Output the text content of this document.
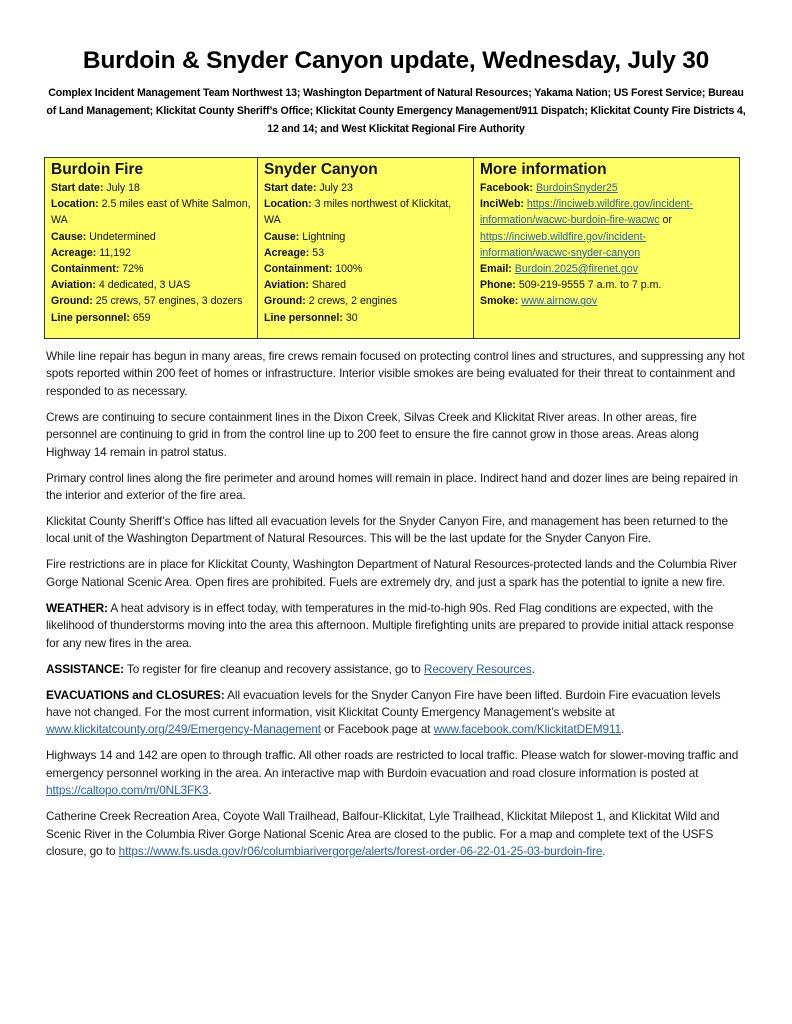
Burdoin & Snyder Canyon update, Wednesday, July 30
Complex Incident Management Team Northwest 13; Washington Department of Natural Resources; Yakama Nation; US Forest Service; Bureau of Land Management; Klickitat County Sheriff’s Office; Klickitat County Emergency Management/911 Dispatch; Klickitat County Fire Districts 4, 12 and 14; and West Klickitat Regional Fire Authority
Burdoin Fire
Start date: July 18
Location: 2.5 miles east of White Salmon, WA
Cause: Undetermined
Acreage: 11,192
Containment: 72%
Aviation: 4 dedicated, 3 UAS
Ground: 25 crews, 57 engines, 3 dozers
Line personnel: 659
Snyder Canyon
Start date: July 23
Location: 3 miles northwest of Klickitat, WA
Cause: Lightning
Acreage: 53
Containment: 100%
Aviation: Shared
Ground: 2 crews, 2 engines
Line personnel: 30
More information
Facebook: BurdoinSnyder25
InciWeb: https://inciweb.wildfire.gov/incident-information/wacwc-burdoin-fire-wacwc or https://inciweb.wildfire.gov/incident-information/wacwc-snyder-canyon
Email: Burdoin.2025@firenet.gov
Phone: 509-219-9555 7 a.m. to 7 p.m.
Smoke: www.airnow.gov

While line repair has begun in many areas, fire crews remain focused on protecting control lines and structures, and suppressing any hot spots reported within 200 feet of homes or infrastructure. Interior visible smokes are being evaluated for their threat to containment and responded to as necessary.

Crews are continuing to secure containment lines in the Dixon Creek, Silvas Creek and Klickitat River areas. In other areas, fire personnel are continuing to grid in from the control line up to 200 feet to ensure the fire cannot grow in those areas. Areas along Highway 14 remain in patrol status.

Primary control lines along the fire perimeter and around homes will remain in place. Indirect hand and dozer lines are being repaired in the interior and exterior of the fire area.

Klickitat County Sheriff’s Office has lifted all evacuation levels for the Snyder Canyon Fire, and management has been returned to the local unit of the Washington Department of Natural Resources. This will be the last update for the Snyder Canyon Fire.

Fire restrictions are in place for Klickitat County, Washington Department of Natural Resources-protected lands and the Columbia River Gorge National Scenic Area. Open fires are prohibited. Fuels are extremely dry, and just a spark has the potential to ignite a new fire.

WEATHER: A heat advisory is in effect today, with temperatures in the mid-to-high 90s. Red Flag conditions are expected, with the likelihood of thunderstorms moving into the area this afternoon. Multiple firefighting units are prepared to provide initial attack response for any new fires in the area.

ASSISTANCE: To register for fire cleanup and recovery assistance, go to Recovery Resources.

EVACUATIONS and CLOSURES: All evacuation levels for the Snyder Canyon Fire have been lifted. Burdoin Fire evacuation levels have not changed. For the most current information, visit Klickitat County Emergency Management’s website at www.klickitatcounty.org/249/Emergency-Management or Facebook page at www.facebook.com/KlickitatDEM911.

Highways 14 and 142 are open to through traffic. All other roads are restricted to local traffic. Please watch for slower-moving traffic and emergency personnel working in the area. An interactive map with Burdoin evacuation and road closure information is posted at https://caltopo.com/m/0NL3FK3.

Catherine Creek Recreation Area, Coyote Wall Trailhead, Balfour-Klickitat, Lyle Trailhead, Klickitat Milepost 1, and Klickitat Wild and Scenic River in the Columbia River Gorge National Scenic Area are closed to the public. For a map and complete text of the USFS closure, go to https://www.fs.usda.gov/r06/columbiarivergorge/alerts/forest-order-06-22-01-25-03-burdoin-fire.
